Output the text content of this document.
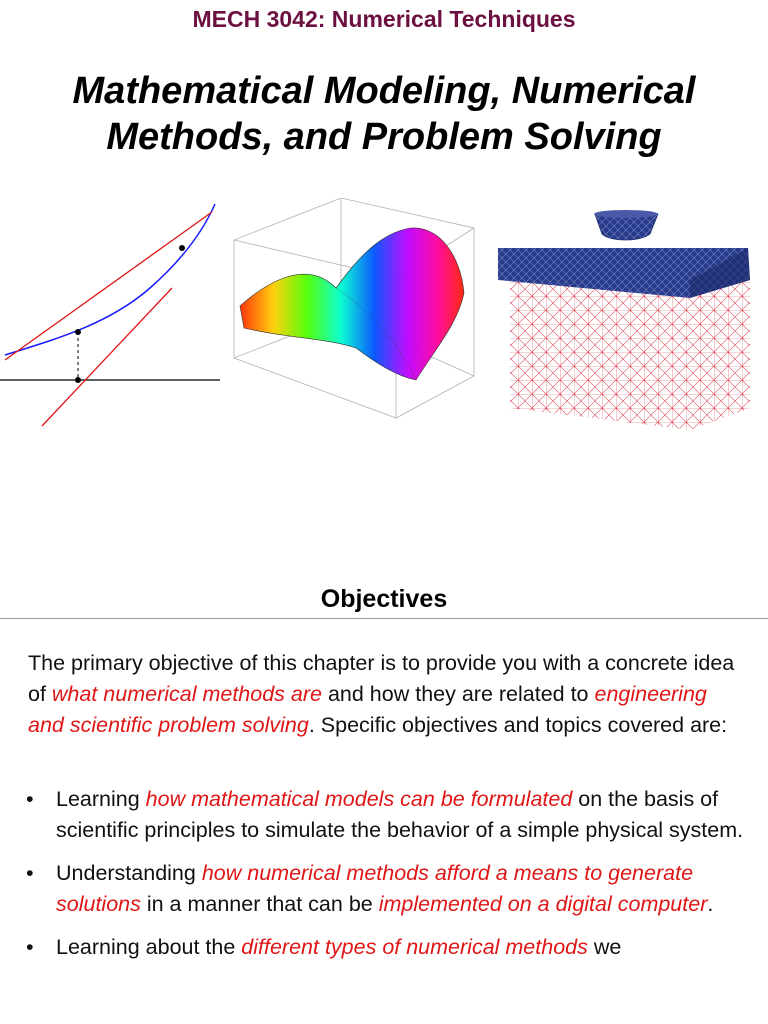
MECH 3042: Numerical Techniques
Mathematical Modeling, Numerical
Methods, and Problem Solving
Objectives
The primary objective of this chapter is to provide you with a concrete idea of what numerical methods are and how they are related to engineering and scientific problem solving. Specific objectives and topics covered are:
• Learning how mathematical models can be formulated on the basis of scientific principles to simulate the behavior of a simple physical system.
• Understanding how numerical methods afford a means to generate solutions in a manner that can be implemented on a digital computer.
• Learning about the different types of numerical methods we
